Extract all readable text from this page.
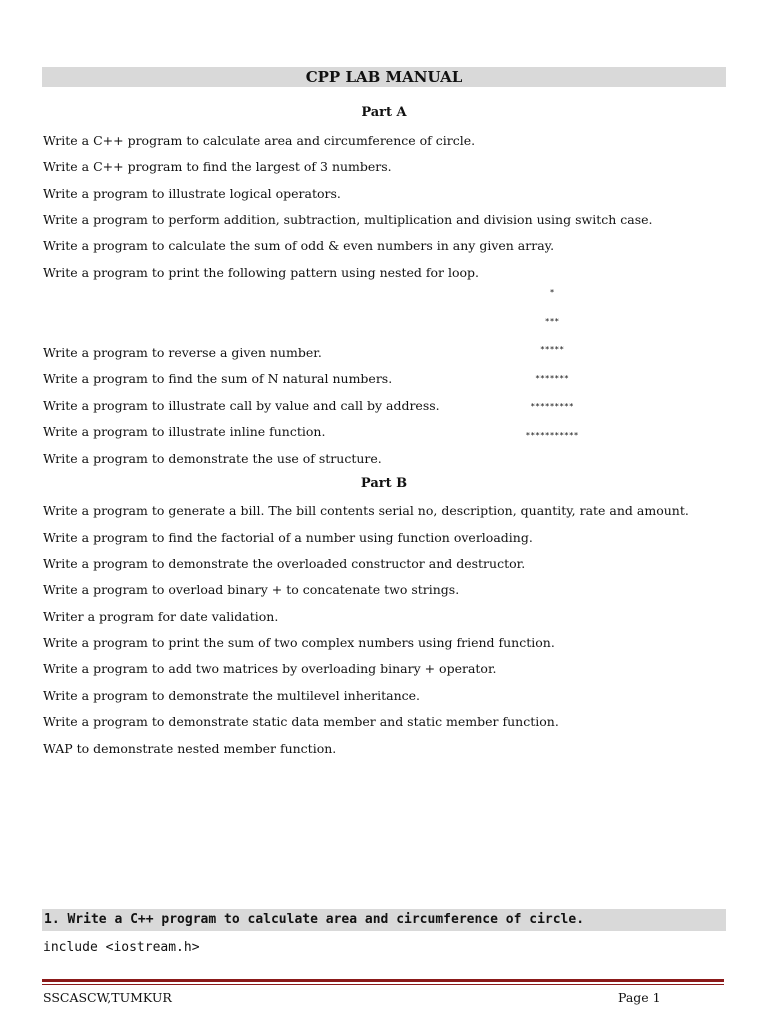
CPP LAB MANUAL
Part A
Write a C++ program to calculate area and circumference of circle.
Write a C++ program to find the largest of 3 numbers.
Write a program to illustrate logical operators.
Write a program to perform addition, subtraction, multiplication and division using switch case.
Write a program to calculate the sum of odd & even numbers in any given array.
Write a program to print the following pattern using nested for loop.

*

***

*****

*******

*********

***********

Write a program to reverse a given number.
Write a program to find the sum of N natural numbers.
Write a program to illustrate call by value and call by address.
Write a program to illustrate inline function.
Write a program to demonstrate the use of structure.
Part B
Write a program to generate a bill. The bill contents serial no, description, quantity, rate and amount.
Write a program to find the factorial of a number using function overloading.
Write a program to demonstrate the overloaded constructor and destructor.
Write a program to overload binary + to concatenate two strings.
Writer a program for date validation.
Write a program to print the sum of two complex numbers using friend function.
Write a program to add two matrices by overloading binary + operator.
Write a program to demonstrate the multilevel inheritance.
Write a program to demonstrate static data member and static member function.
WAP to demonstrate nested member function.
1. Write a C++ program to calculate area and circumference of circle.
include <iostream.h>
SSCASCW,TUMKUR	Page 1
